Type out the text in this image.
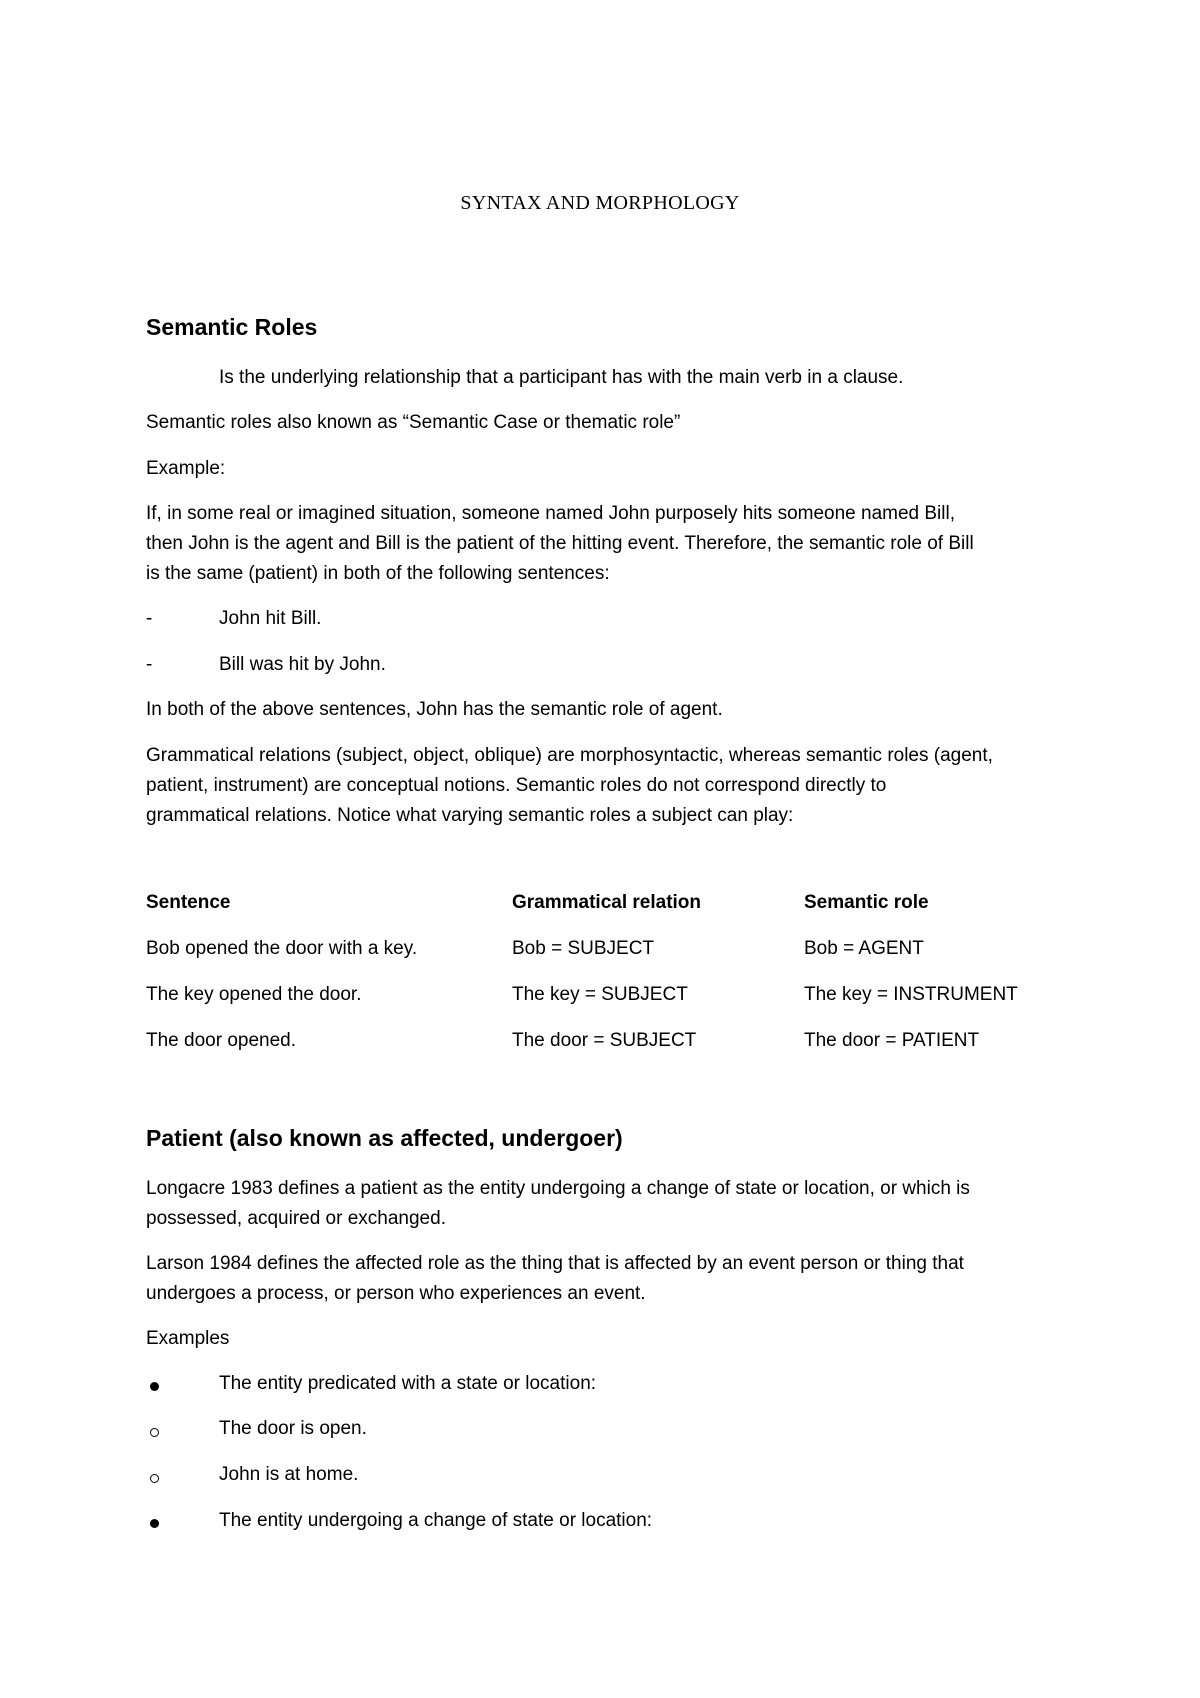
SYNTAX AND MORPHOLOGY
Semantic Roles
Is the underlying relationship that a participant has with the main verb in a clause.
Semantic roles also known as “Semantic Case or thematic role”
Example:
If, in some real or imagined situation, someone named John purposely hits someone named Bill,
then John is the agent and Bill is the patient of the hitting event. Therefore, the semantic role of Bill
is the same (patient) in both of the following sentences:
-	John hit Bill.
-	Bill was hit by John.
In both of the above sentences, John has the semantic role of agent.
Grammatical relations (subject, object, oblique) are morphosyntactic, whereas semantic roles (agent,
patient, instrument) are conceptual notions. Semantic roles do not correspond directly to
grammatical relations. Notice what varying semantic roles a subject can play:
Sentence	Grammatical relation	Semantic role
Bob opened the door with a key.	Bob = SUBJECT	Bob = AGENT
The key opened the door.	The key = SUBJECT	The key = INSTRUMENT
The door opened.	The door = SUBJECT	The door = PATIENT
Patient (also known as affected, undergoer)
Longacre 1983 defines a patient as the entity undergoing a change of state or location, or which is
possessed, acquired or exchanged.
Larson 1984 defines the affected role as the thing that is affected by an event person or thing that
undergoes a process, or person who experiences an event.
Examples
The entity predicated with a state or location:
The door is open.
John is at home.
The entity undergoing a change of state or location:
